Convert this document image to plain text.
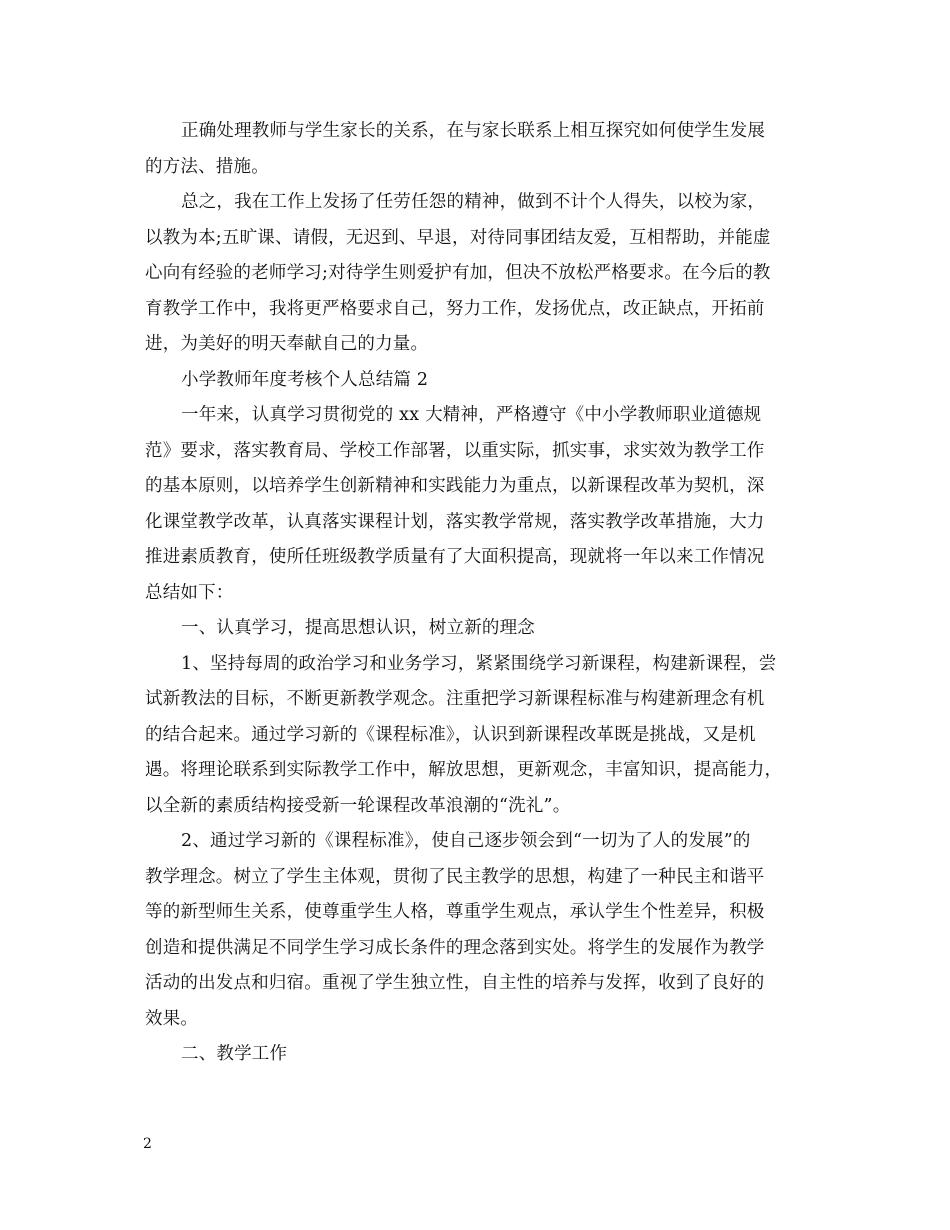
正确处理教师与学生家长的关系，在与家长联系上相互探究如何使学生发展
的方法、措施。
总之，我在工作上发扬了任劳任怨的精神，做到不计个人得失，以校为家，
以教为本;五旷课、请假，无迟到、早退，对待同事团结友爱，互相帮助，并能虚
心向有经验的老师学习;对待学生则爱护有加，但决不放松严格要求。在今后的教
育教学工作中，我将更严格要求自己，努力工作，发扬优点，改正缺点，开拓前
进，为美好的明天奉献自己的力量。
小学教师年度考核个人总结篇 2
一年来，认真学习贯彻党的 xx 大精神，严格遵守《中小学教师职业道德规
范》要求，落实教育局、学校工作部署，以重实际，抓实事，求实效为教学工作
的基本原则，以培养学生创新精神和实践能力为重点，以新课程改革为契机，深
化课堂教学改革，认真落实课程计划，落实教学常规，落实教学改革措施，大力
推进素质教育，使所任班级教学质量有了大面积提高，现就将一年以来工作情况
总结如下：
一、认真学习，提高思想认识，树立新的理念
1、坚持每周的政治学习和业务学习，紧紧围绕学习新课程，构建新课程，尝
试新教法的目标，不断更新教学观念。注重把学习新课程标准与构建新理念有机
的结合起来。通过学习新的《课程标准》，认识到新课程改革既是挑战，又是机
遇。将理论联系到实际教学工作中，解放思想，更新观念，丰富知识，提高能力，
以全新的素质结构接受新一轮课程改革浪潮的“洗礼”。
2、通过学习新的《课程标准》，使自己逐步领会到“一切为了人的发展”的
教学理念。树立了学生主体观，贯彻了民主教学的思想，构建了一种民主和谐平
等的新型师生关系，使尊重学生人格，尊重学生观点，承认学生个性差异，积极
创造和提供满足不同学生学习成长条件的理念落到实处。将学生的发展作为教学
活动的出发点和归宿。重视了学生独立性，自主性的培养与发挥，收到了良好的
效果。
二、教学工作
2
